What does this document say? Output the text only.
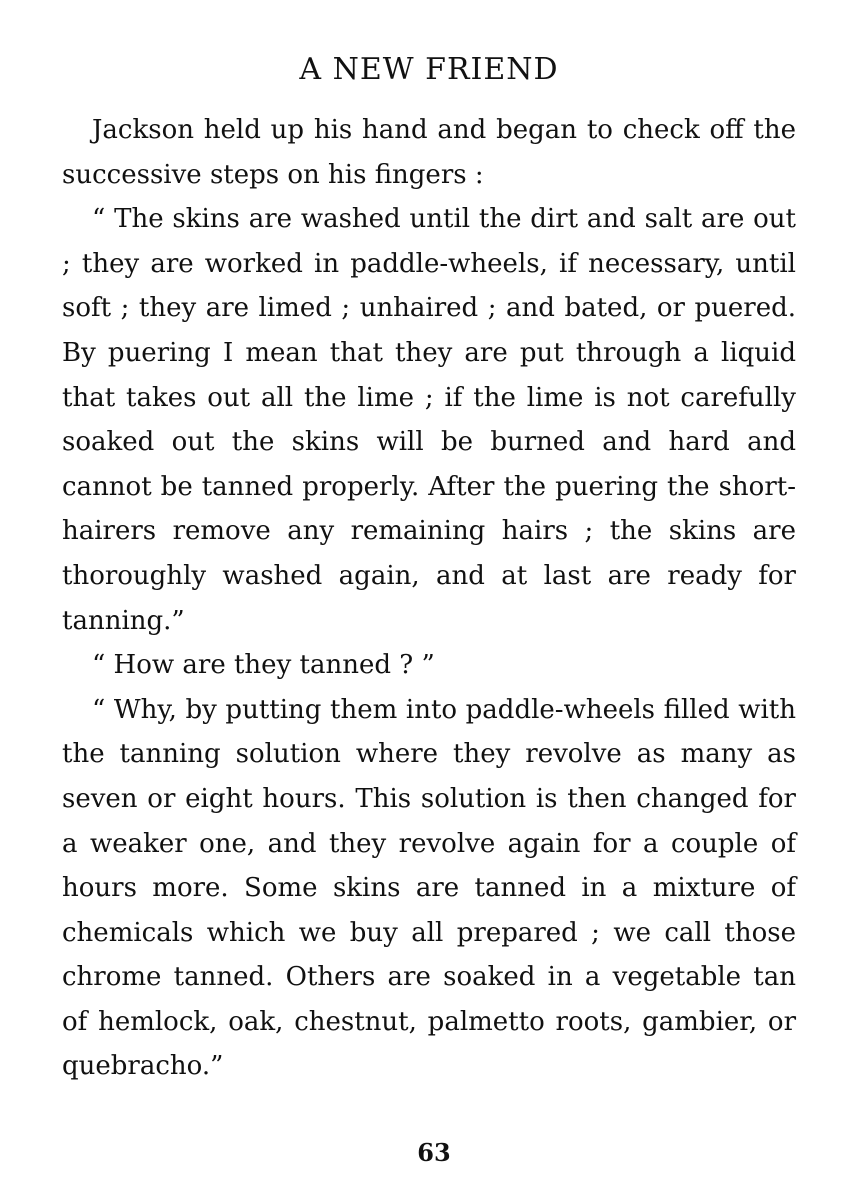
A NEW FRIEND

Jackson held up his hand and began to check off the successive steps on his fingers :

“ The skins are washed until the dirt and salt are out ; they are worked in paddle-wheels, if necessary, until soft ; they are limed ; unhaired ; and bated, or puered. By puering I mean that they are put through a liquid that takes out all the lime ; if the lime is not carefully soaked out the skins will be burned and hard and cannot be tanned properly. After the puering the short-hairers remove any remaining hairs ; the skins are thoroughly washed again, and at last are ready for tanning.”

“ How are they tanned ? ”

“ Why, by putting them into paddle-wheels filled with the tanning solution where they revolve as many as seven or eight hours. This solution is then changed for a weaker one, and they revolve again for a couple of hours more. Some skins are tanned in a mixture of chemicals which we buy all prepared ; we call those chrome tanned. Others are soaked in a vegetable tan of hemlock, oak, chestnut, palmetto roots, gambier, or quebracho.”

63
